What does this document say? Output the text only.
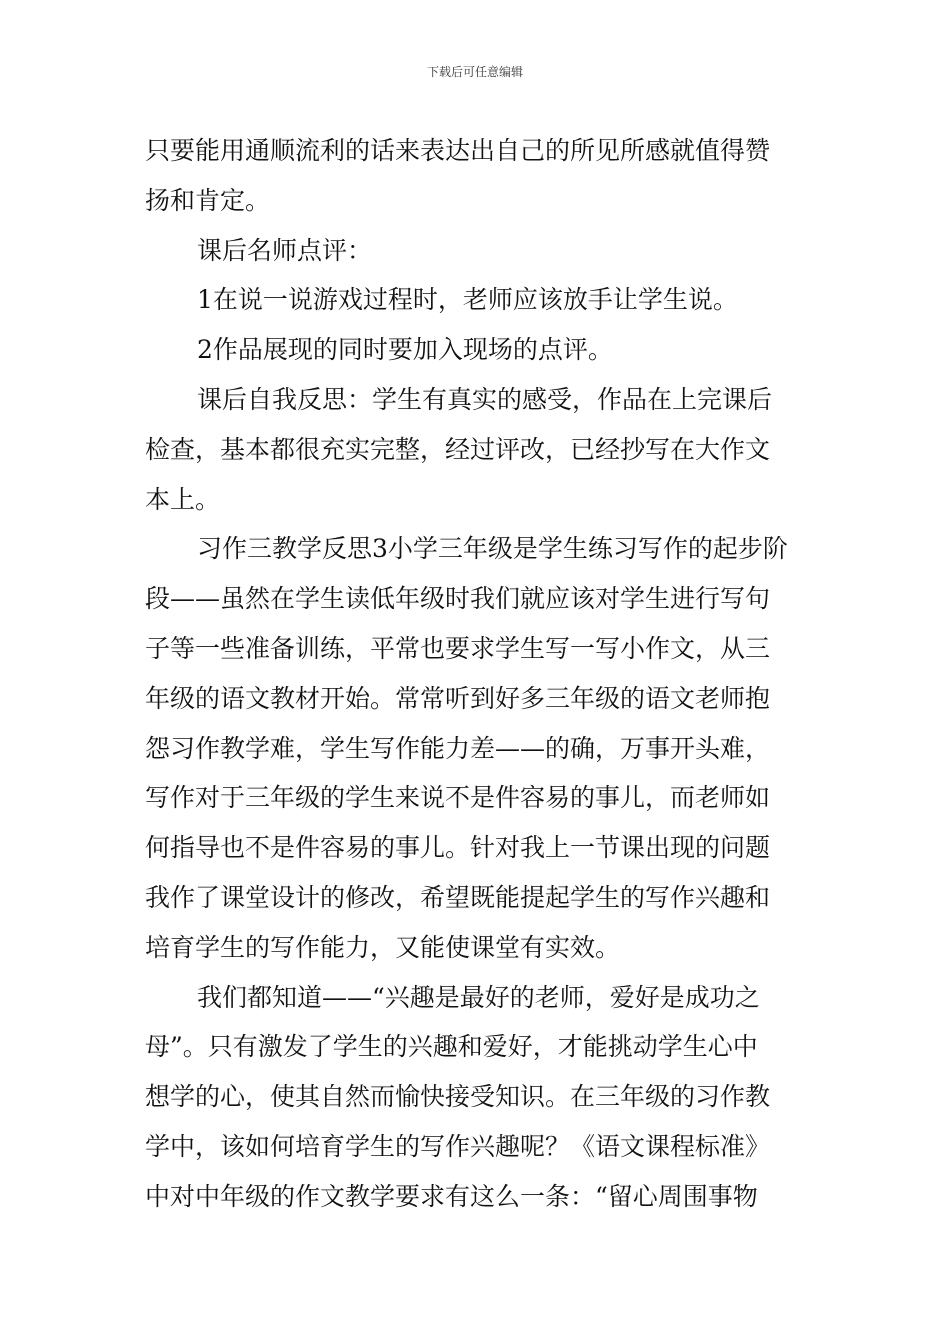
下载后可任意编辑
只要能用通顺流利的话来表达出自己的所见所感就值得赞
扬和肯定。
课后名师点评：
1在说一说游戏过程时，老师应该放手让学生说。
2作品展现的同时要加入现场的点评。
课后自我反思：学生有真实的感受，作品在上完课后
检查，基本都很充实完整，经过评改，已经抄写在大作文
本上。
习作三教学反思3小学三年级是学生练习写作的起步阶
段——虽然在学生读低年级时我们就应该对学生进行写句
子等一些准备训练，平常也要求学生写一写小作文，从三
年级的语文教材开始。常常听到好多三年级的语文老师抱
怨习作教学难，学生写作能力差——的确，万事开头难，
写作对于三年级的学生来说不是件容易的事儿，而老师如
何指导也不是件容易的事儿。针对我上一节课出现的问题
我作了课堂设计的修改，希望既能提起学生的写作兴趣和
培育学生的写作能力，又能使课堂有实效。
我们都知道——“兴趣是最好的老师，爱好是成功之
母”。只有激发了学生的兴趣和爱好，才能挑动学生心中
想学的心，使其自然而愉快接受知识。在三年级的习作教
学中，该如何培育学生的写作兴趣呢？《语文课程标准》
中对中年级的作文教学要求有这么一条：“留心周围事物
